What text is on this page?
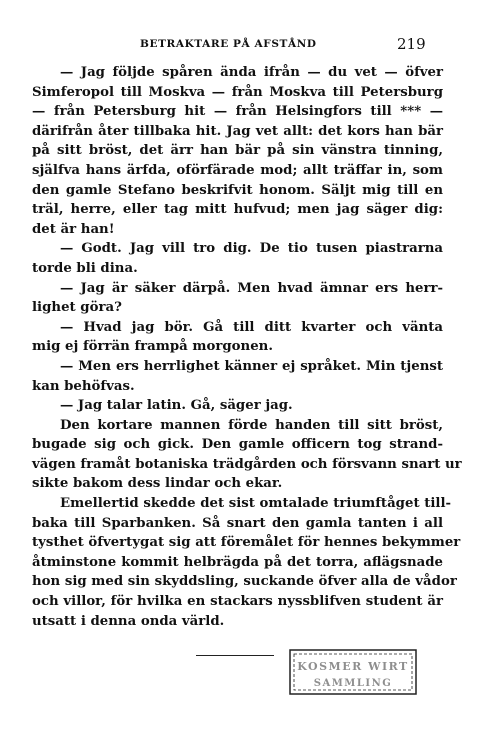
BETRAKTARE PÅ AFSTÅND	219
— Jag följde spåren ända ifrån — du vet — öfver
Simferopol till Moskva — från Moskva till Petersburg
— från Petersburg hit — från Helsingfors till *** —
därifrån åter tillbaka hit. Jag vet allt: det kors han bär
på sitt bröst, det ärr han bär på sin vänstra tinning,
själfva hans ärfda, oförfärade mod; allt träffar in, som
den gamle Stefano beskrifvit honom. Säljt mig till en
träl, herre, eller tag mitt hufvud; men jag säger dig:
det är han!
— Godt. Jag vill tro dig. De tio tusen piastrarna
torde bli dina.
— Jag är säker därpå. Men hvad ämnar ers herr-
lighet göra?
— Hvad jag bör. Gå till ditt kvarter och vänta
mig ej förrän frampå morgonen.
— Men ers herrlighet känner ej språket. Min tjenst
kan behöfvas.
— Jag talar latin. Gå, säger jag.
Den kortare mannen förde handen till sitt bröst,
bugade sig och gick. Den gamle officern tog strand-
vägen framåt botaniska trädgården och försvann snart ur
sikte bakom dess lindar och ekar.
Emellertid skedde det sist omtalade triumftåget till-
baka till Sparbanken. Så snart den gamla tanten i all
tysthet öfvertygat sig att föremålet för hennes bekymmer
åtminstone kommit helbrägda på det torra, aflägsnade
hon sig med sin skyddsling, suckande öfver alla de vådor
och villor, för hvilka en stackars nyssblifven student är
utsatt i denna onda värld.
KOSMER WIRT
SAMMLING
